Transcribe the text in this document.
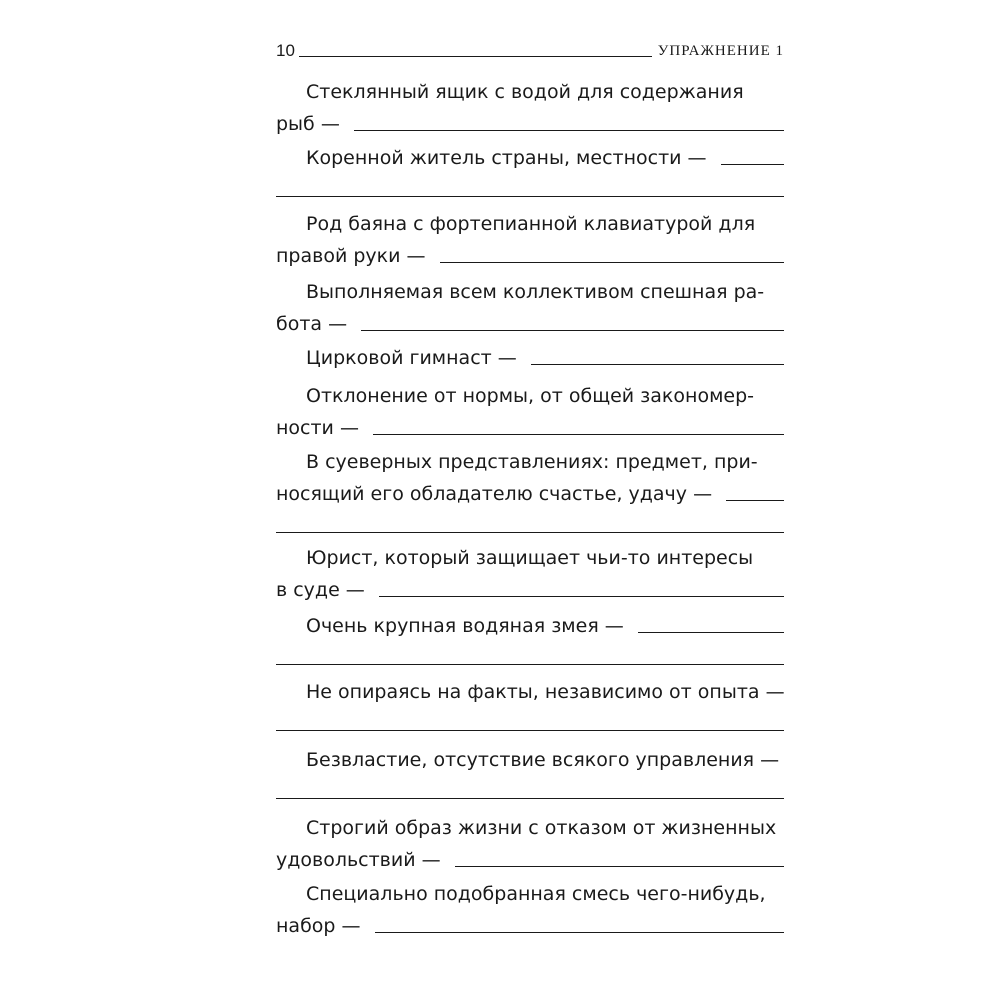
10	УПРАЖНЕНИЕ 1
Стеклянный ящик с водой для содержания
рыб —
Коренной житель страны, местности —
Род баяна с фортепианной клавиатурой для
правой руки —
Выполняемая всем коллективом спешная ра-
бота —
Цирковой гимнаст —
Отклонение от нормы, от общей закономер-
ности —
В суеверных представлениях: предмет, при-
носящий его обладателю счастье, удачу —
Юрист, который защищает чьи-то интересы
в суде —
Очень крупная водяная змея —
Не опираясь на факты, независимо от опыта —
Безвластие, отсутствие всякого управления —
Строгий образ жизни с отказом от жизненных
удовольствий —
Специально подобранная смесь чего-нибудь,
набор —
